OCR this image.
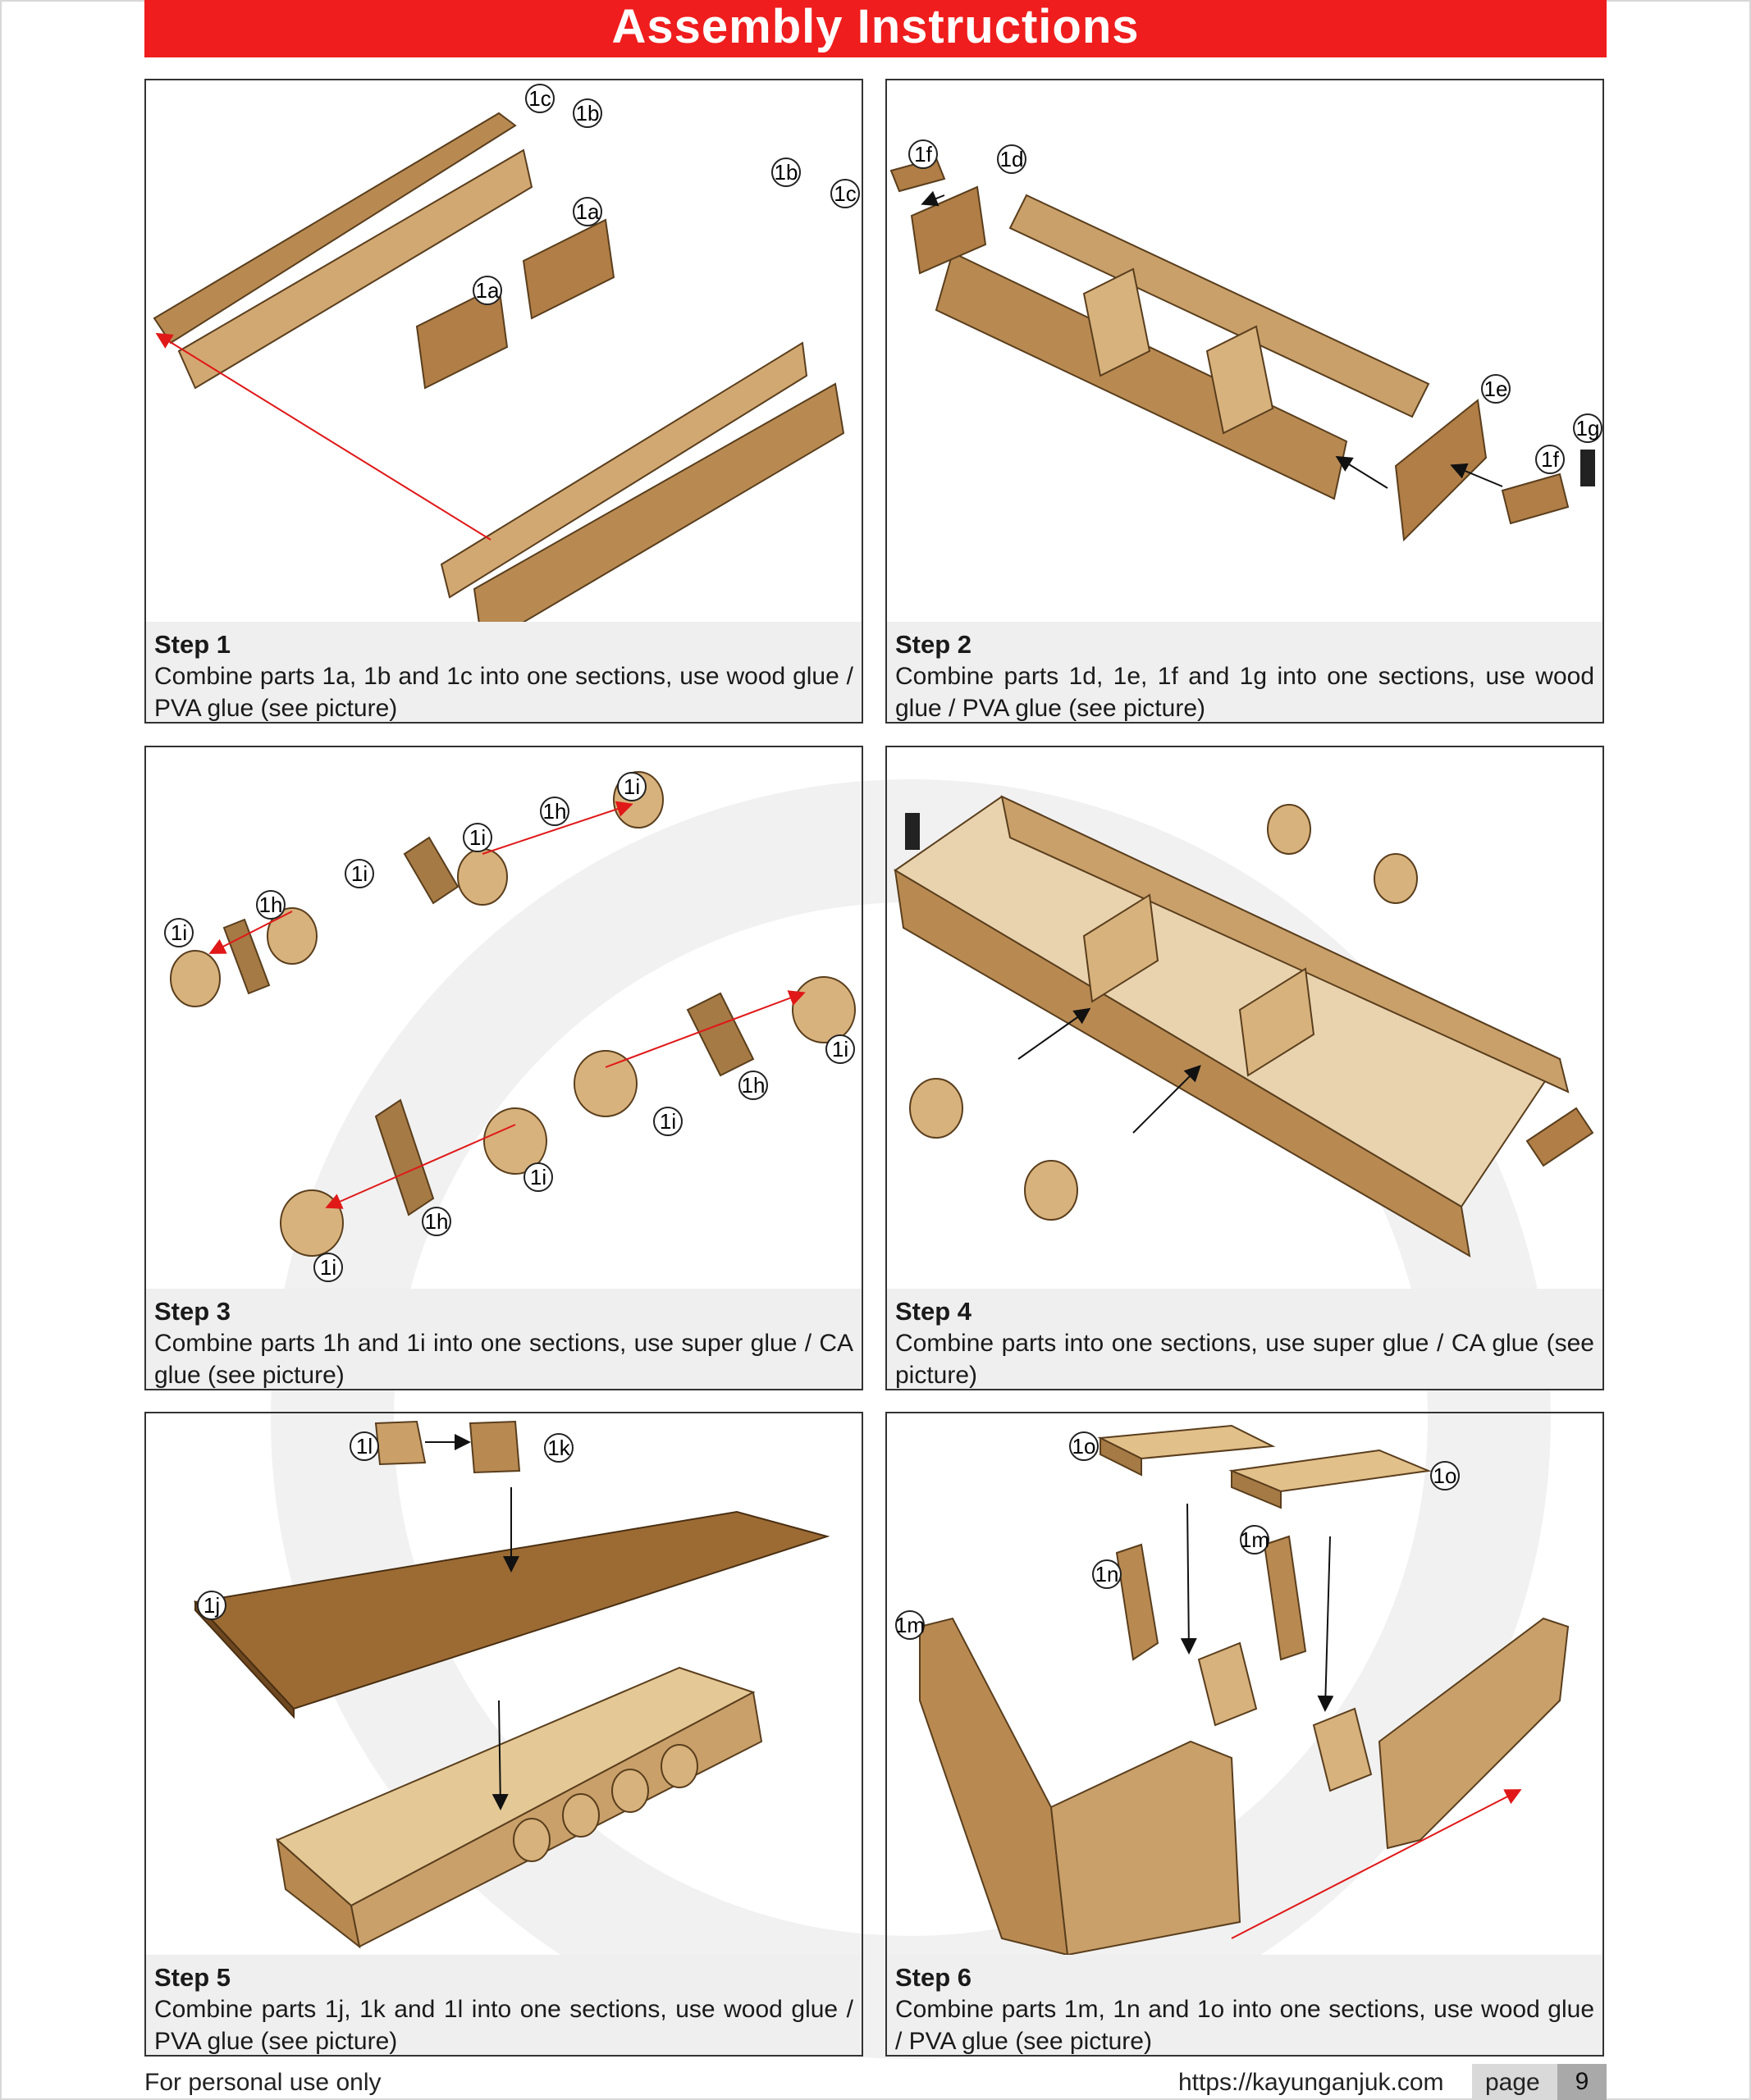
Assembly Instructions
1c
1b
1a
1a
1b
1c
Step 1
Combine parts 1a, 1b and 1c into one sections, use wood glue / PVA glue (see picture)
1f	1d
1e
1f
1g
Step 2
Combine parts 1d, 1e, 1f and 1g into one sections, use wood glue / PVA glue (see picture)
1i
1h
1i
1i
1h
1i
1i
1h
1i
1i
1h
1i
Step 3
Combine parts 1h and 1i into one sections, use super glue / CA glue (see picture)
Step 4
Combine parts into one sections, use super glue / CA glue (see picture)
1l	1k
1j
Step 5
Combine parts 1j, 1k and 1l into one sections, use wood glue / PVA glue (see picture)
1o
1o
1m
1n
1m
Step 6
Combine parts 1m, 1n and 1o into one sections, use wood glue / PVA glue (see picture)
For personal use only	https://kayunganjuk.com page	9
